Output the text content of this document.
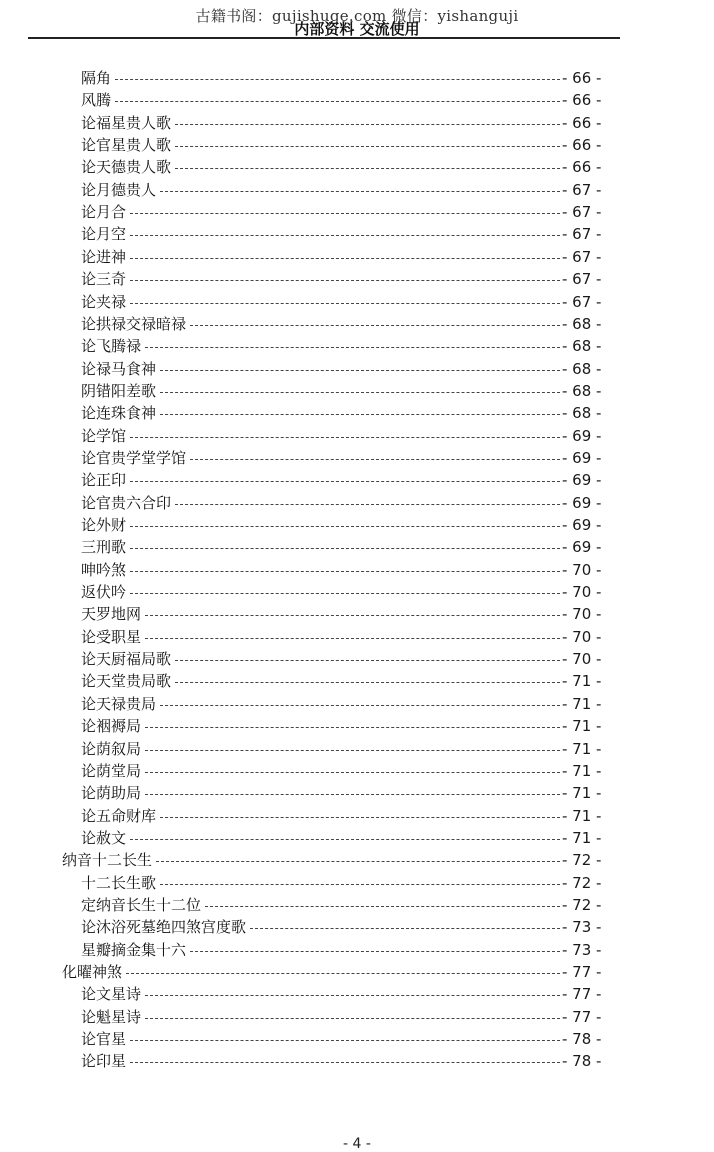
古籍书阁：gujishuge.com 微信：yishanguji
内部资料 交流使用
隔角	- 66 -
风腾	- 66 -
论福星贵人歌	- 66 -
论官星贵人歌	- 66 -
论天德贵人歌	- 66 -
论月德贵人	- 67 -
论月合	- 67 -
论月空	- 67 -
论进神	- 67 -
论三奇	- 67 -
论夹禄	- 67 -
论拱禄交禄暗禄	- 68 -
论飞腾禄	- 68 -
论禄马食神	- 68 -
阴错阳差歌	- 68 -
论连珠食神	- 68 -
论学馆	- 69 -
论官贵学堂学馆	- 69 -
论正印	- 69 -
论官贵六合印	- 69 -
论外财	- 69 -
三刑歌	- 69 -
呻吟煞	- 70 -
返伏吟	- 70 -
天罗地网	- 70 -
论受职星	- 70 -
论天厨福局歌	- 70 -
论天堂贵局歌	- 71 -
论天禄贵局	- 71 -
论裀褥局	- 71 -
论荫叙局	- 71 -
论荫堂局	- 71 -
论荫助局	- 71 -
论五命财库	- 71 -
论赦文	- 71 -
纳音十二长生	- 72 -
十二长生歌	- 72 -
定纳音长生十二位	- 72 -
论沐浴死墓绝四煞宫度歌	- 73 -
星瓣摘金集十六	- 73 -
化曜神煞	- 77 -
论文星诗	- 77 -
论魁星诗	- 77 -
论官星	- 78 -
论印星	- 78 -
- 4 -
